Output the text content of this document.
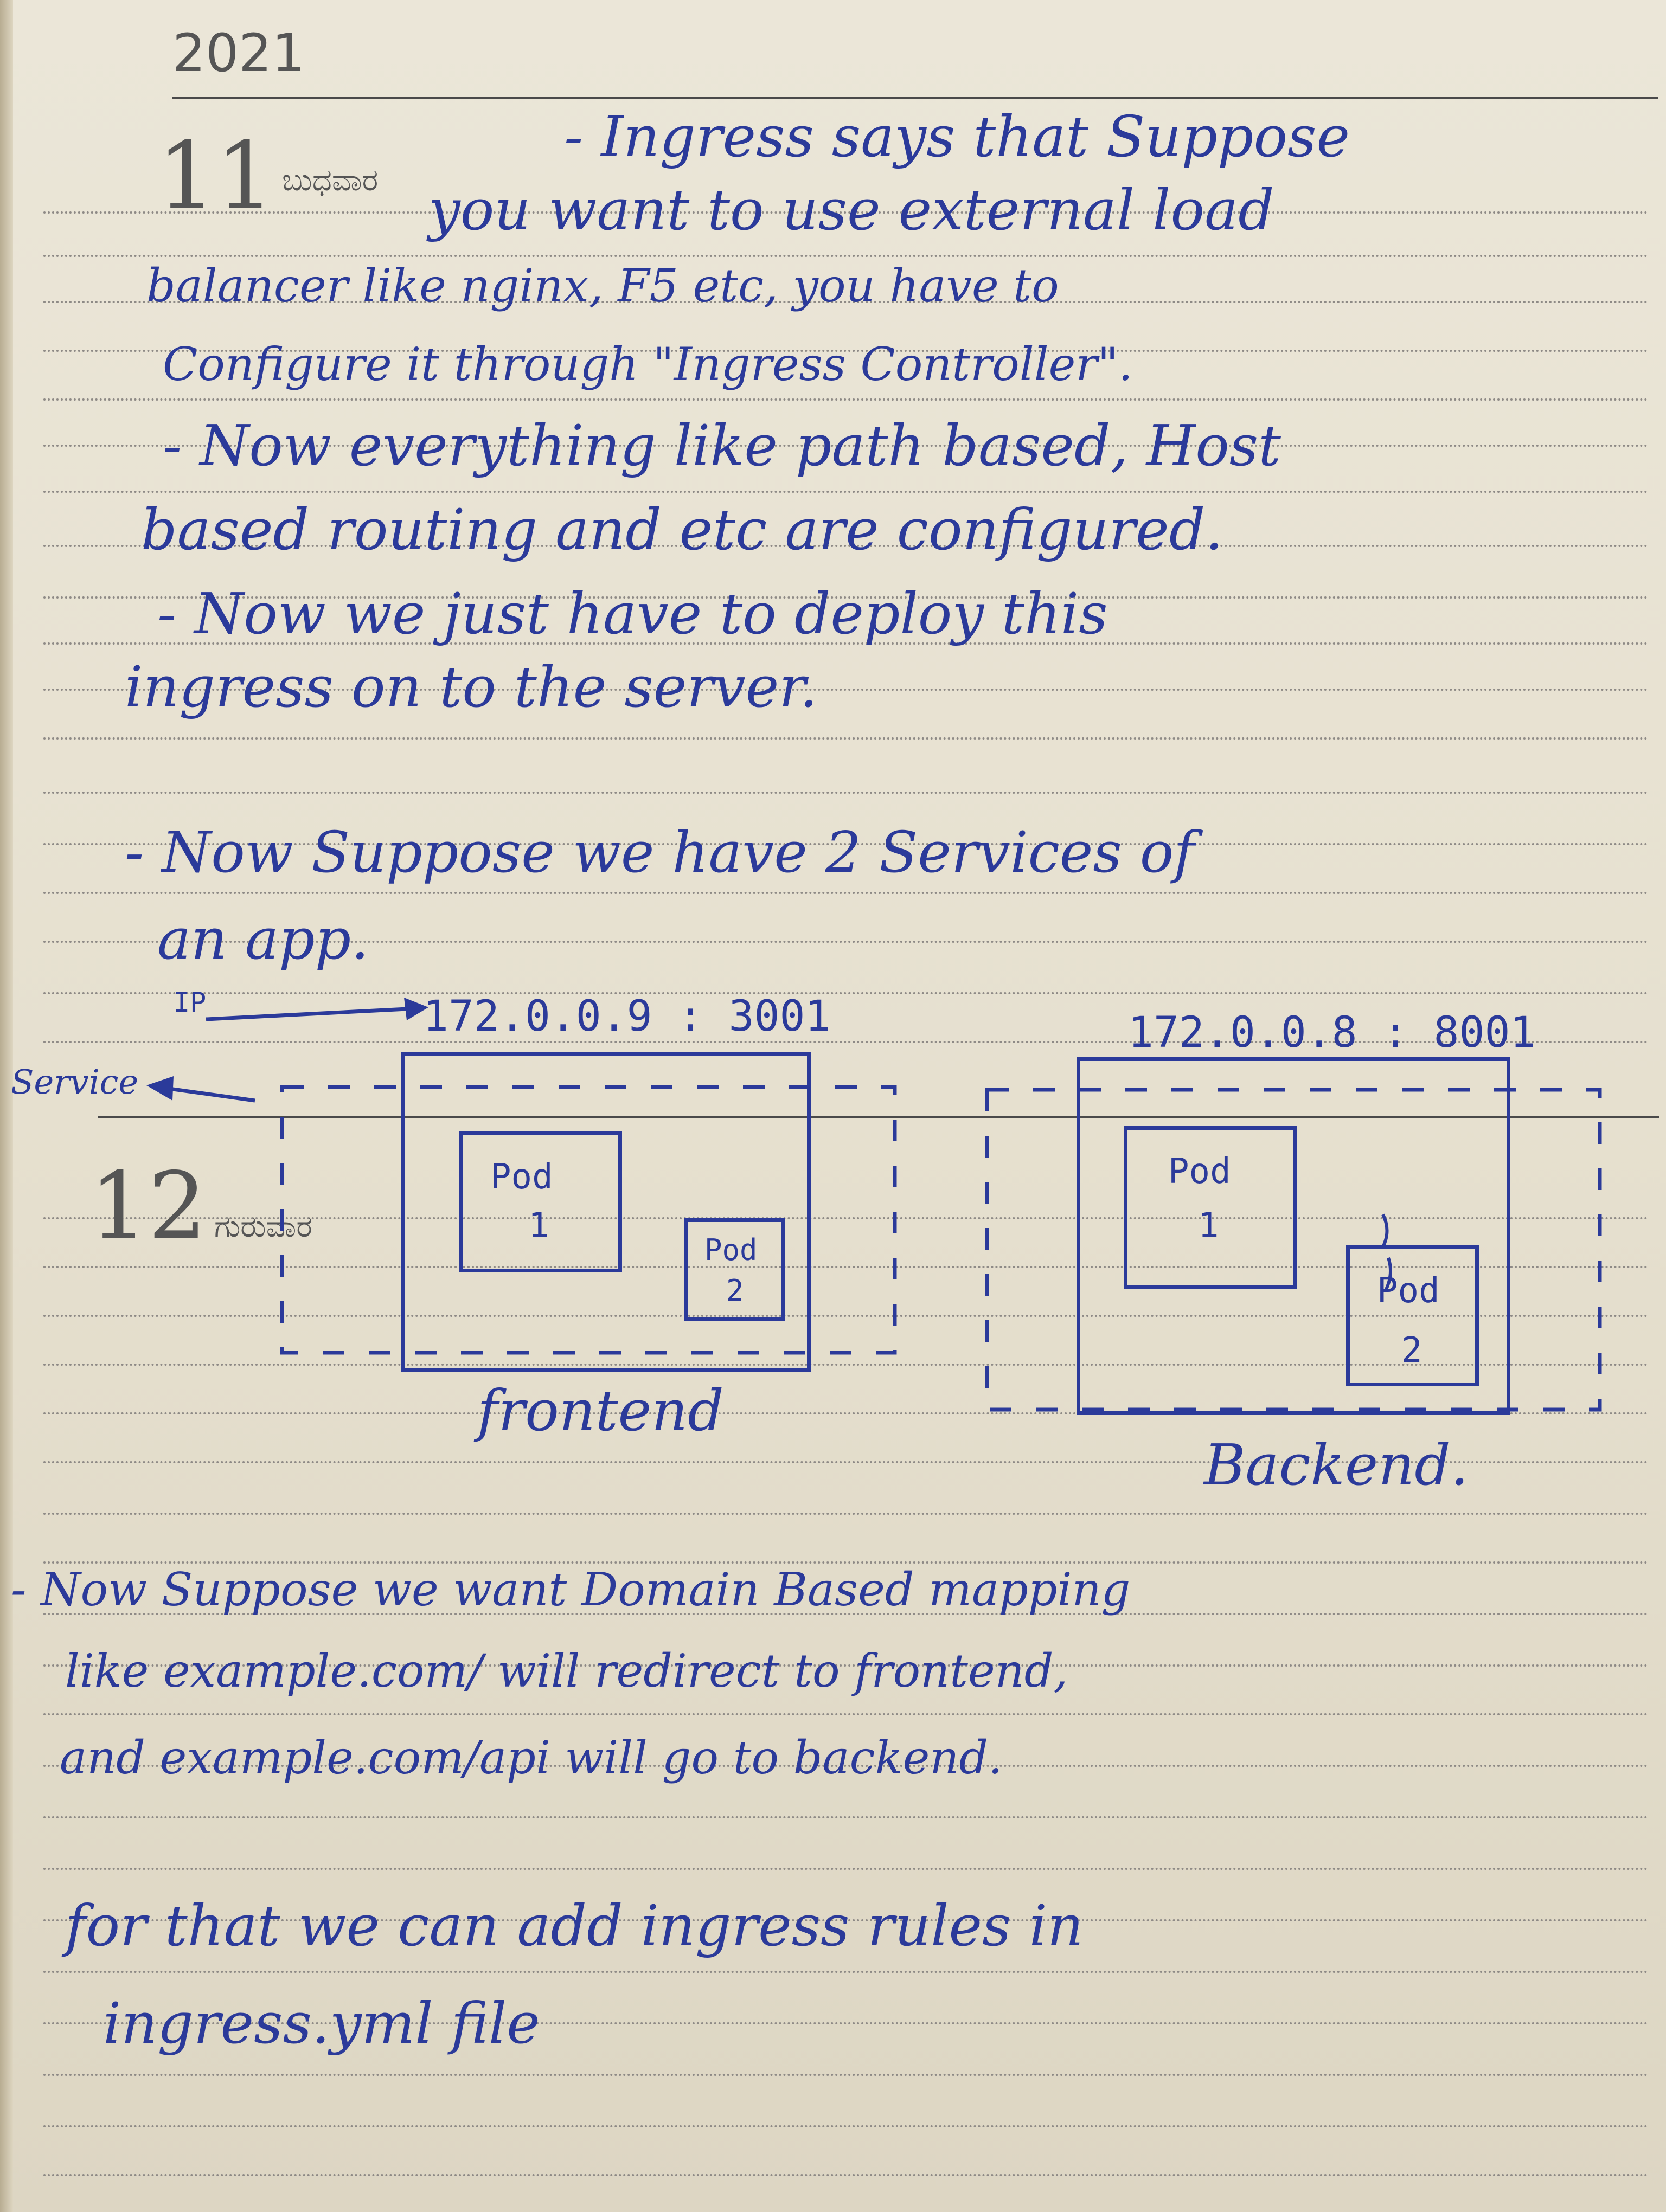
2021
11 ಬುಧವಾರ
12 ಗುರುವಾರ
- Ingress says that Suppose
you want to use external load
balancer like nginx, F5 etc, you have to
Configure it through "Ingress Controller".
- Now everything like path based, Host
based routing and etc are configured.
- Now we just have to deploy this
ingress on to the server.
- Now Suppose we have 2 Services of
an app.
IP
Service
172.0.0.9 : 3001	172.0.0.8 : 8001
Pod
1
Pod
2
frontend
Pod
1
Pod
2
Backend.
- Now Suppose we want Domain Based mapping
like example.com/ will redirect to frontend,
and example.com/api will go to backend.
for that we can add ingress rules in
ingress.yml file
